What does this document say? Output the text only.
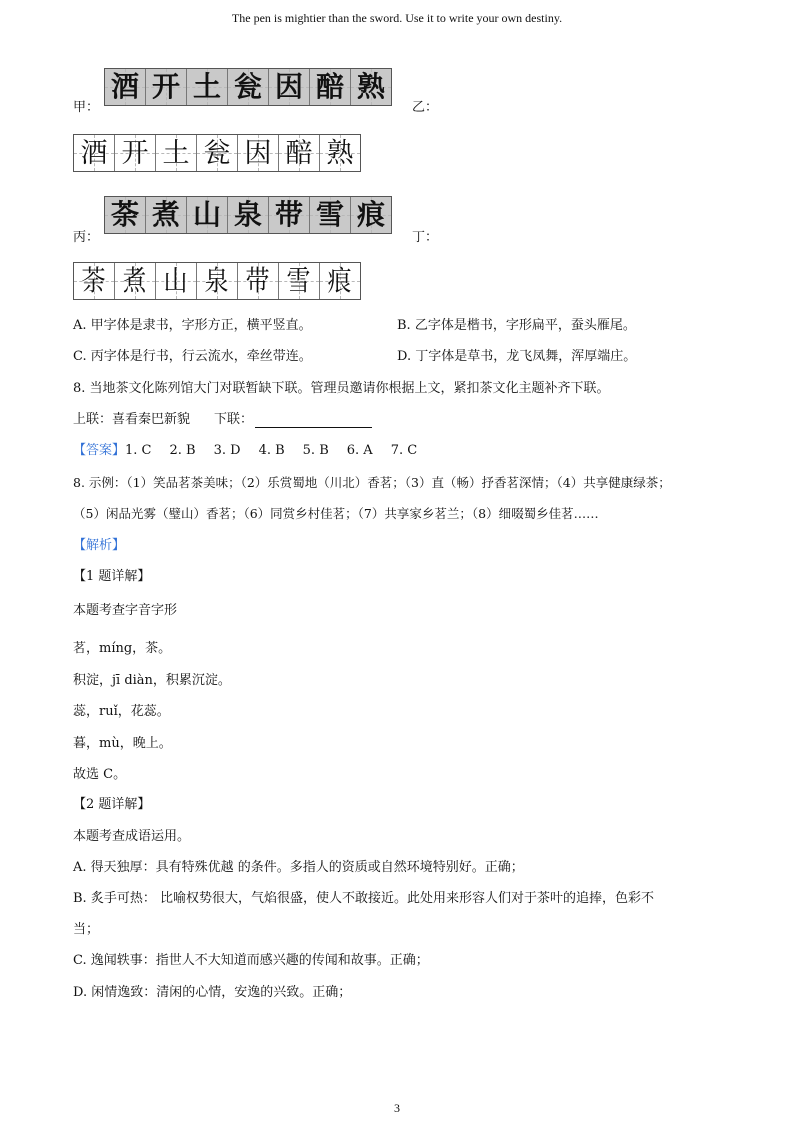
The pen is mightier than the sword. Use it to write your own destiny.
甲：
酒 开 土 瓮 因 醅 熟
乙：
酒 开 土 瓮 因 醅 熟
丙：
荼 煮 山 泉 带 雪 痕
丁：
荼 煮 山 泉 带 雪 痕
A. 甲字体是隶书，字形方正，横平竖直。	B. 乙字体是楷书，字形扁平，蚕头雁尾。
C. 丙字体是行书，行云流水，牵丝带连。	D. 丁字体是草书，龙飞凤舞，浑厚端庄。
8. 当地茶文化陈列馆大门对联暂缺下联。管理员邀请你根据上文，紧扣茶文化主题补齐下联。
上联：喜看秦巴新貌 下联：
【答案】1. C 2. B 3. D 4. B 5. B 6. A 7. C
8. 示例：（1）笑品茗茶美味；（2）乐赏蜀地（川北）香茗；（3）直（畅）抒香茗深情；（4）共享健康绿茶；
（5）闲品光雾（璧山）香茗；（6）同赏乡村佳茗；（7）共享家乡茗兰；（8）细啜蜀乡佳茗……
【解析】
【1 题详解】
本题考查字音字形
茗，míng，茶。
积淀，jī diàn，积累沉淀。
蕊，ruǐ，花蕊。
暮，mù，晚上。
故选 C。
【2 题详解】
本题考查成语运用。
A. 得天独厚：具有特殊优越 的条件。多指人的资质或自然环境特别好。正确；
B. 炙手可热： 比喻权势很大，气焰很盛，使人不敢接近。此处用来形容人们对于茶叶的追捧，色彩不
当；
C. 逸闻轶事：指世人不大知道而感兴趣的传闻和故事。正确；
D. 闲情逸致：清闲的心情，安逸的兴致。正确；
3
